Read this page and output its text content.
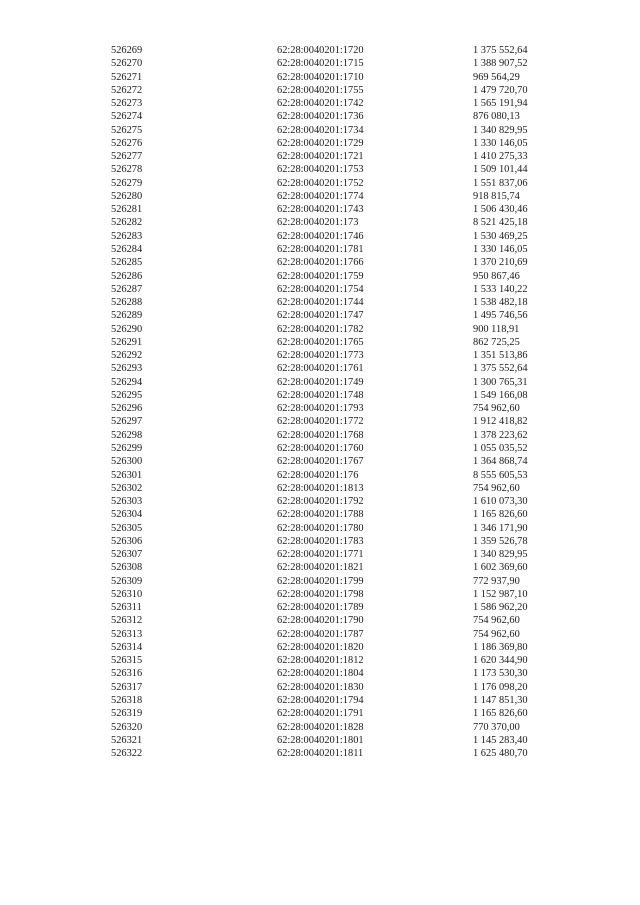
526269	62:28:0040201:1720	1 375 552,64
526270	62:28:0040201:1715	1 388 907,52
526271	62:28:0040201:1710	969 564,29
526272	62:28:0040201:1755	1 479 720,70
526273	62:28:0040201:1742	1 565 191,94
526274	62:28:0040201:1736	876 080,13
526275	62:28:0040201:1734	1 340 829,95
526276	62:28:0040201:1729	1 330 146,05
526277	62:28:0040201:1721	1 410 275,33
526278	62:28:0040201:1753	1 509 101,44
526279	62:28:0040201:1752	1 551 837,06
526280	62:28:0040201:1774	918 815,74
526281	62:28:0040201:1743	1 506 430,46
526282	62:28:0040201:173	8 521 425,18
526283	62:28:0040201:1746	1 530 469,25
526284	62:28:0040201:1781	1 330 146,05
526285	62:28:0040201:1766	1 370 210,69
526286	62:28:0040201:1759	950 867,46
526287	62:28:0040201:1754	1 533 140,22
526288	62:28:0040201:1744	1 538 482,18
526289	62:28:0040201:1747	1 495 746,56
526290	62:28:0040201:1782	900 118,91
526291	62:28:0040201:1765	862 725,25
526292	62:28:0040201:1773	1 351 513,86
526293	62:28:0040201:1761	1 375 552,64
526294	62:28:0040201:1749	1 300 765,31
526295	62:28:0040201:1748	1 549 166,08
526296	62:28:0040201:1793	754 962,60
526297	62:28:0040201:1772	1 912 418,82
526298	62:28:0040201:1768	1 378 223,62
526299	62:28:0040201:1760	1 055 035,52
526300	62:28:0040201:1767	1 364 868,74
526301	62:28:0040201:176	8 555 605,53
526302	62:28:0040201:1813	754 962,60
526303	62:28:0040201:1792	1 610 073,30
526304	62:28:0040201:1788	1 165 826,60
526305	62:28:0040201:1780	1 346 171,90
526306	62:28:0040201:1783	1 359 526,78
526307	62:28:0040201:1771	1 340 829,95
526308	62:28:0040201:1821	1 602 369,60
526309	62:28:0040201:1799	772 937,90
526310	62:28:0040201:1798	1 152 987,10
526311	62:28:0040201:1789	1 586 962,20
526312	62:28:0040201:1790	754 962,60
526313	62:28:0040201:1787	754 962,60
526314	62:28:0040201:1820	1 186 369,80
526315	62:28:0040201:1812	1 620 344,90
526316	62:28:0040201:1804	1 173 530,30
526317	62:28:0040201:1830	1 176 098,20
526318	62:28:0040201:1794	1 147 851,30
526319	62:28:0040201:1791	1 165 826,60
526320	62:28:0040201:1828	770 370,00
526321	62:28:0040201:1801	1 145 283,40
526322	62:28:0040201:1811	1 625 480,70
